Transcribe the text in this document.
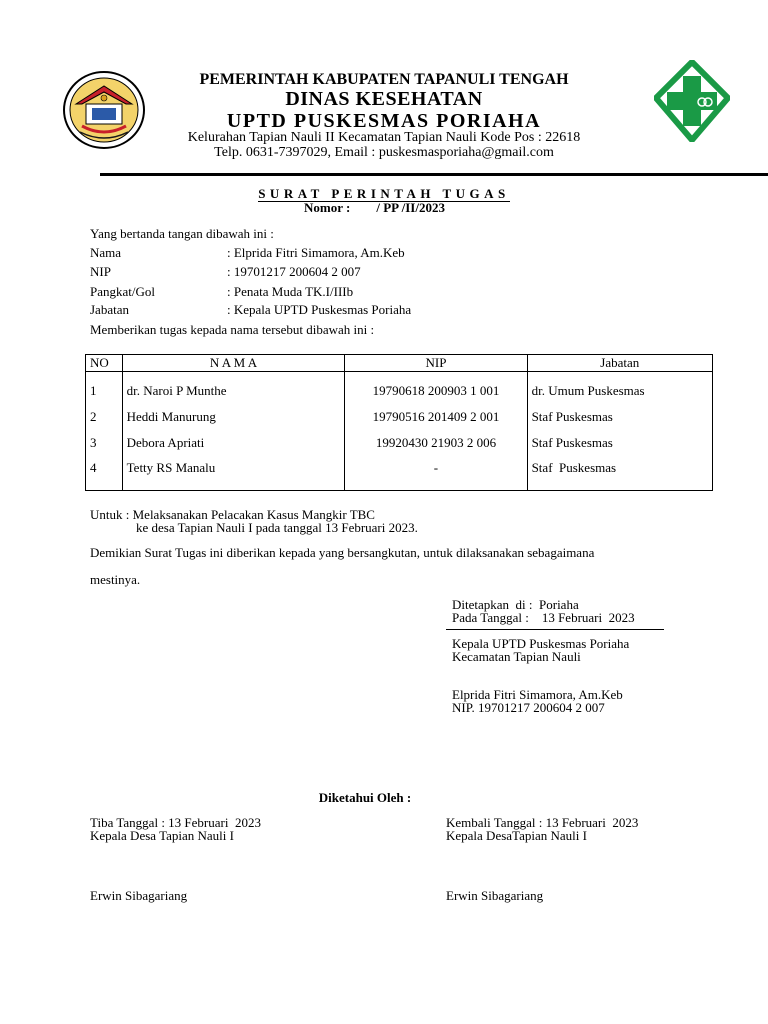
PEMERINTAH KABUPATEN TAPANULI TENGAH
DINAS KESEHATAN
UPTD PUSKESMAS PORIAHA
Kelurahan Tapian Nauli II Kecamatan Tapian Nauli Kode Pos : 22618
Telp. 0631-7397029, Email : puskesmasporiaha@gmail.com
SURAT PERINTAH TUGAS
Nomor :        / PP /II/2023
Yang bertanda tangan dibawah ini :
Nama	: Elprida Fitri Simamora, Am.Keb
NIP	: 19701217 200604 2 007
Pangkat/Gol	: Penata Muda TK.I/IIIb
Jabatan	: Kepala UPTD Puskesmas Poriaha
Memberikan tugas kepada nama tersebut dibawah ini :
NO	N A M A	NIP	Jabatan
1	dr. Naroi P Munthe	19790618 200903 1 001	dr. Umum Puskesmas
2	Heddi Manurung	19790516 201409 2 001	Staf Puskesmas
3	Debora Apriati	19920430 21903 2 006	Staf Puskesmas
4	Tetty RS Manalu	-	Staf  Puskesmas
Untuk : Melaksanakan Pelacakan Kasus Mangkir TBC
ke desa Tapian Nauli I pada tanggal 13 Februari 2023.
Demikian Surat Tugas ini diberikan kepada yang bersangkutan, untuk dilaksanakan sebagaimana
mestinya.
Ditetapkan  di :  Poriaha
Pada Tanggal :    13 Februari  2023
Kepala UPTD Puskesmas Poriaha
Kecamatan Tapian Nauli
Elprida Fitri Simamora, Am.Keb
NIP. 19701217 200604 2 007
Diketahui Oleh :
Tiba Tanggal : 13 Februari  2023
Kepala Desa Tapian Nauli I
Erwin Sibagariang
Kembali Tanggal : 13 Februari  2023
Kepala DesaTapian Nauli I
Erwin Sibagariang
